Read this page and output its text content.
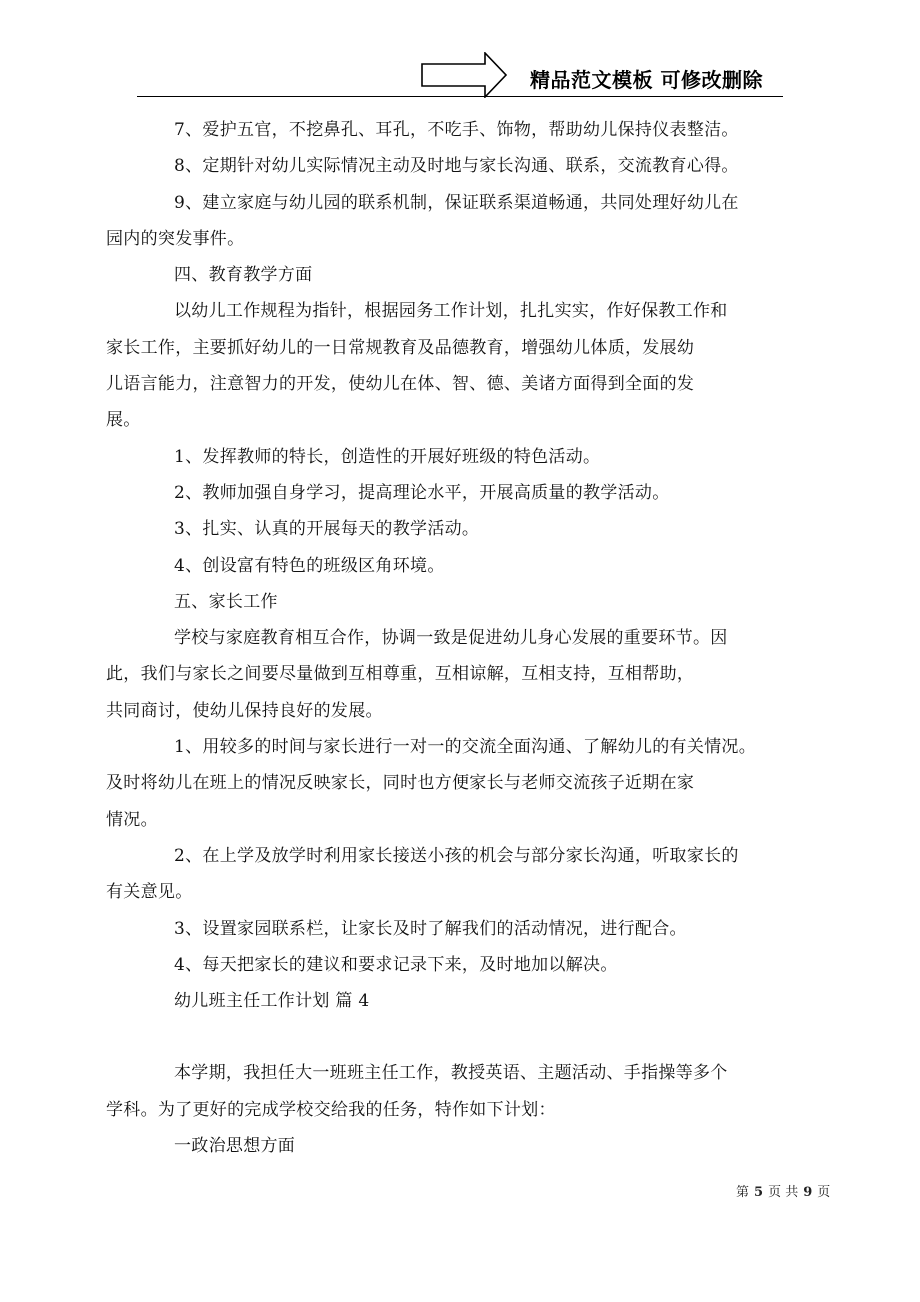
精品范文模板 可修改删除

7、爱护五官，不挖鼻孔、耳孔，不吃手、饰物，帮助幼儿保持仪表整洁。

8、定期针对幼儿实际情况主动及时地与家长沟通、联系，交流教育心得。

9、建立家庭与幼儿园的联系机制，保证联系渠道畅通，共同处理好幼儿在
园内的突发事件。

四、教育教学方面

以幼儿工作规程为指针，根据园务工作计划，扎扎实实，作好保教工作和
家长工作，主要抓好幼儿的一日常规教育及品德教育，增强幼儿体质，发展幼
儿语言能力，注意智力的开发，使幼儿在体、智、德、美诸方面得到全面的发
展。

1、发挥教师的特长，创造性的开展好班级的特色活动。

2、教师加强自身学习，提高理论水平，开展高质量的教学活动。

3、扎实、认真的开展每天的教学活动。

4、创设富有特色的班级区角环境。

五、家长工作

学校与家庭教育相互合作，协调一致是促进幼儿身心发展的重要环节。因
此，我们与家长之间要尽量做到互相尊重，互相谅解，互相支持，互相帮助，
共同商讨，使幼儿保持良好的发展。

1、用较多的时间与家长进行一对一的交流全面沟通、了解幼儿的有关情况。
及时将幼儿在班上的情况反映家长，同时也方便家长与老师交流孩子近期在家
情况。

2、在上学及放学时利用家长接送小孩的机会与部分家长沟通，听取家长的
有关意见。

3、设置家园联系栏，让家长及时了解我们的活动情况，进行配合。

4、每天把家长的建议和要求记录下来，及时地加以解决。

幼儿班主任工作计划 篇 4

本学期，我担任大一班班主任工作，教授英语、主题活动、手指操等多个
学科。为了更好的完成学校交给我的任务，特作如下计划：

一政治思想方面

第 5 页 共 9 页
